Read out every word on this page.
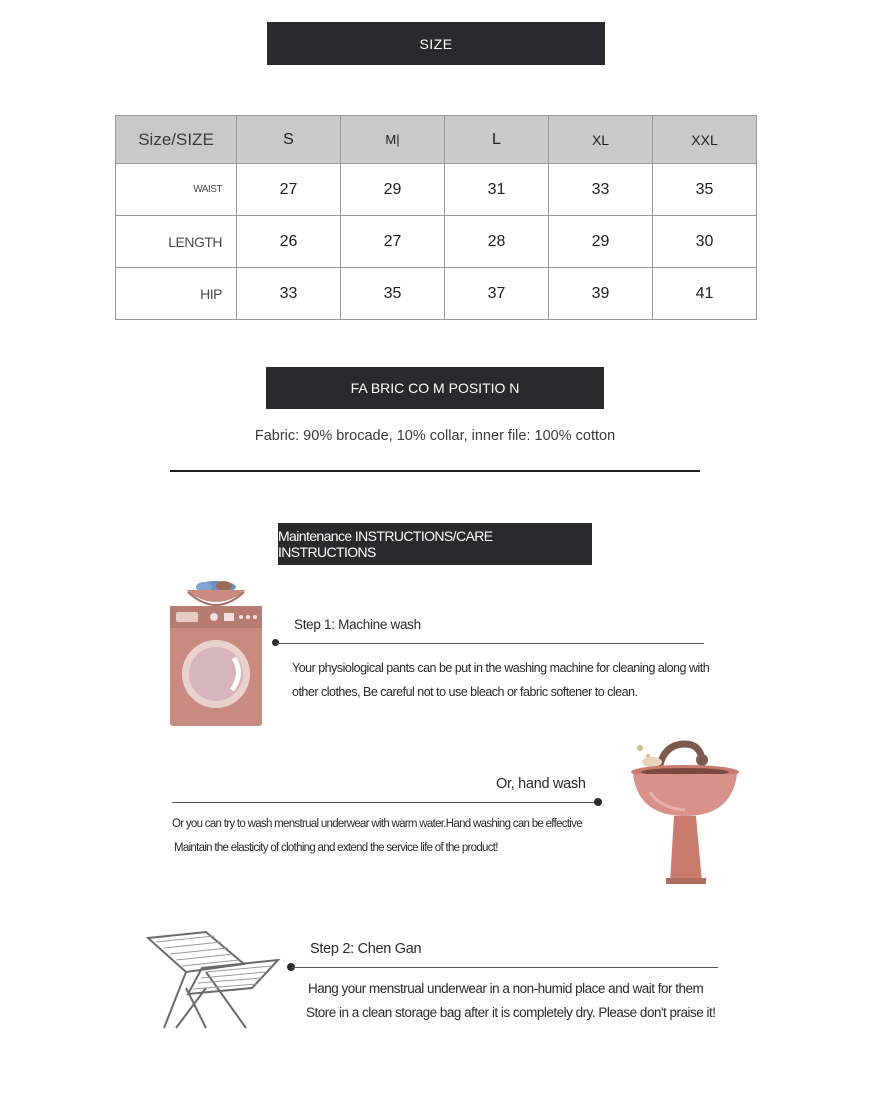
SIZE
Size/SIZE	S	M|	L	XL	XXL
WAIST	27	29	31	33	35
LENGTH	26	27	28	29	30
HIP	33	35	37	39	41
FA BRIC CO M POSITIO N
Fabric: 90% brocade, 10% collar, inner file: 100% cotton
Maintenance INSTRUCTIONS/CARE INSTRUCTIONS
Step 1: Machine wash
Your physiological pants can be put in the washing machine for cleaning along with
other clothes, Be careful not to use bleach or fabric softener to clean.
Or, hand wash
Or you can try to wash menstrual underwear with warm water.Hand washing can be effective
Maintain the elasticity of clothing and extend the service life of the product!
Step 2: Chen Gan
Hang your menstrual underwear in a non-humid place and wait for them
Store in a clean storage bag after it is completely dry. Please don't praise it!
